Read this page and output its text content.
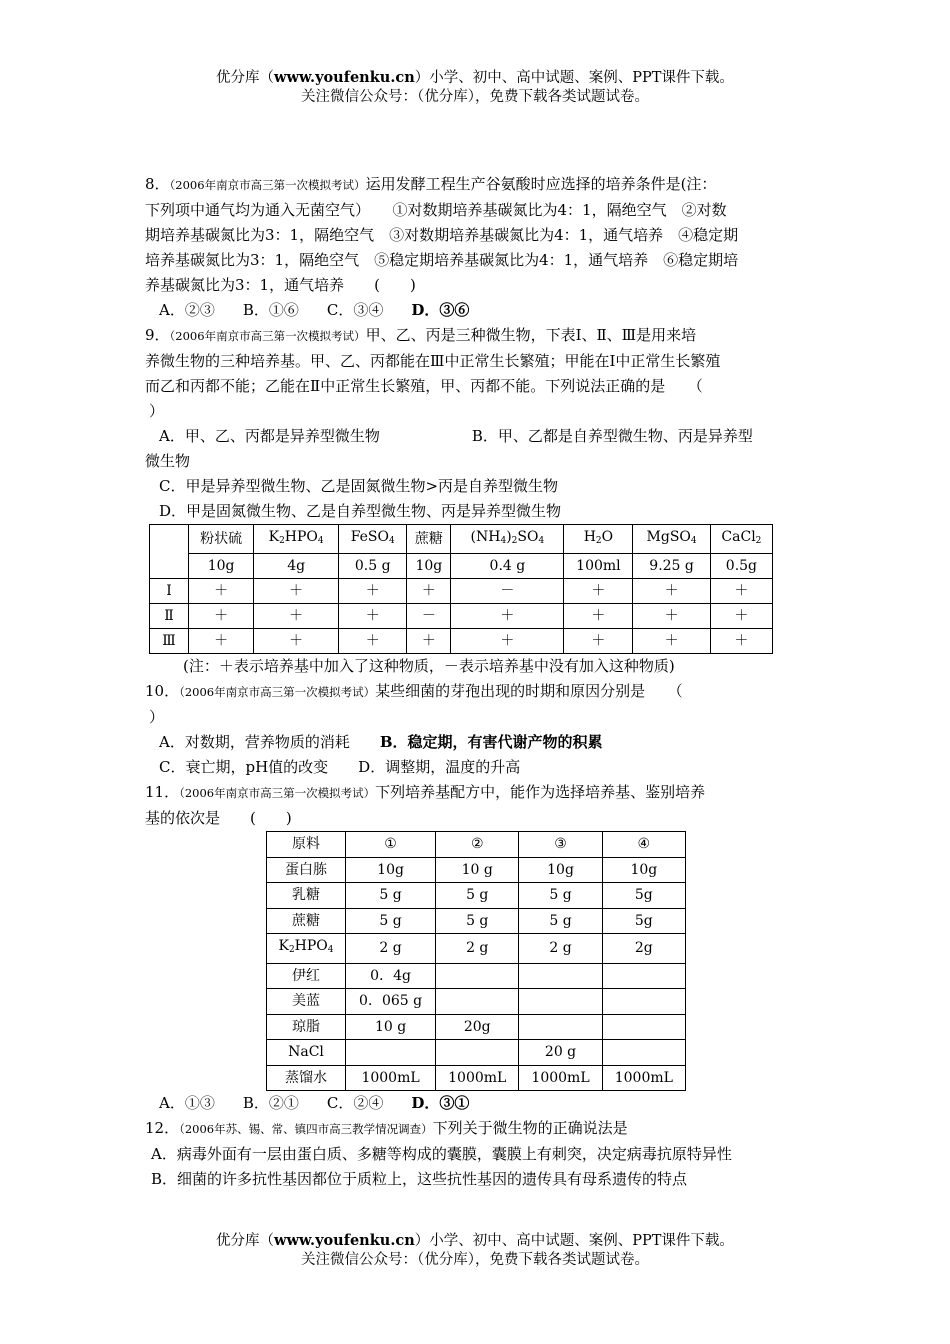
优分库（www.youfenku.cn）小学、初中、高中试题、案例、PPT课件下载。
关注微信公众号：（优分库），免费下载各类试题试卷。
8．（2006年南京市高三第一次模拟考试）运用发酵工程生产谷氨酸时应选择的培养条件是(注：
下列项中通气均为通入无菌空气）　　①对数期培养基碳氮比为4：1，隔绝空气　②对数
期培养基碳氮比为3：1，隔绝空气　③对数期培养基碳氮比为4：1，通气培养　④稳定期
培养基碳氮比为3：1，隔绝空气　⑤稳定期培养基碳氮比为4：1，通气培养　⑥稳定期培
养基碳氮比为3：1，通气培养　　(　　)
A．②③ B．①⑥ C．③④ D．③⑥
9．（2006年南京市高三第一次模拟考试）甲、乙、丙是三种微生物，下表Ⅰ、Ⅱ、Ⅲ是用来培
养微生物的三种培养基。甲、乙、丙都能在Ⅲ中正常生长繁殖；甲能在Ⅰ中正常生长繁殖
而乙和丙都不能；乙能在Ⅱ中正常生长繁殖，甲、丙都不能。下列说法正确的是　　（
）
A．甲、乙、丙都是异养型微生物	B．甲、乙都是自养型微生物、丙是异养型
微生物
C．甲是异养型微生物、乙是固氮微生物>丙是自养型微生物
D．甲是固氮微生物、乙是自养型微生物、丙是异养型微生物
	粉状硫	$K_2HPO_4$	FeSO$_4$	蔗糖	$(NH_4)_2SO_4$	$H_2O$	MgSO$_4$	CaCl$_2$
	10g	4g	0.5 g	10g	0.4 g	100ml	9.25 g	0.5g
Ⅰ	＋	＋	＋	＋	－	＋	＋	＋
Ⅱ	＋	＋	＋	－	＋	＋	＋	＋
Ⅲ	＋	＋	＋	＋	＋	＋	＋	＋
(注：＋表示培养基中加入了这种物质，－表示培养基中没有加入这种物质)
10．（2006年南京市高三第一次模拟考试）某些细菌的芽孢出现的时期和原因分别是　　（
）
A．对数期，营养物质的消耗 B．稳定期，有害代谢产物的积累
C．衰亡期，pH值的改变 D．调整期，温度的升高
11．（2006年南京市高三第一次模拟考试）下列培养基配方中，能作为选择培养基、鉴别培养
基的依次是　　(　　)
原料	①	②	③	④
蛋白胨	10g	10 g	10g	10g
乳糖	5 g	5 g	5 g	5g
蔗糖	5 g	5 g	5 g	5g
$K_2HPO_4$	2 g	2 g	2 g	2g
伊红	0．4g			
美蓝	0．065 g			
琼脂	10 g	20g		
NaCl			20 g	
蒸馏水	1000mL	1000mL	1000mL	1000mL
A．①③ B．②① C．②④ D．③①
12．（2006年苏、锡、常、镇四市高三教学情况调查）下列关于微生物的正确说法是
A．病毒外面有一层由蛋白质、多糖等构成的囊膜，囊膜上有刺突，决定病毒抗原特异性
B．细菌的许多抗性基因都位于质粒上，这些抗性基因的遗传具有母系遗传的特点
优分库（www.youfenku.cn）小学、初中、高中试题、案例、PPT课件下载。
关注微信公众号：（优分库），免费下载各类试题试卷。
